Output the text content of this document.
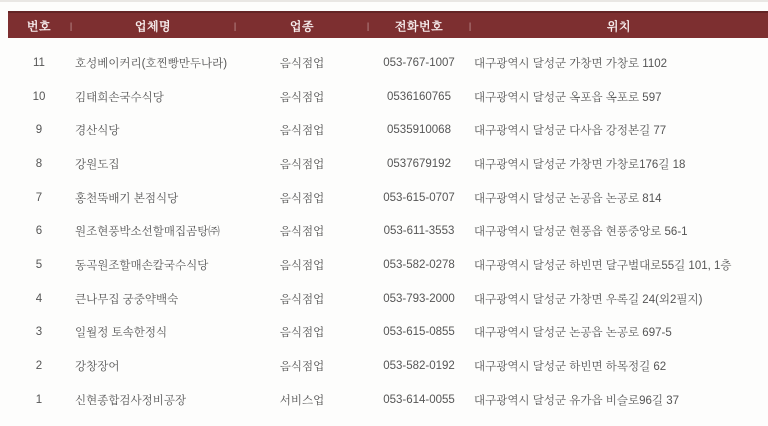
번호	|	업체명	|	업종	|	전화번호	|	위치
11	호성베이커리(호찐빵만두나라)	음식점업	053-767-1007	대구광역시 달성군 가창면 가창로 1102
10	김태희손국수식당	음식점업	0536160765	대구광역시 달성군 옥포읍 옥포로 597
9	경산식당	음식점업	0535910068	대구광역시 달성군 다사읍 강정본길 77
8	강원도집	음식점업	0537679192	대구광역시 달성군 가창면 가창로176길 18
7	홍천뚝배기 본점식당	음식점업	053-615-0707	대구광역시 달성군 논공읍 논공로 814
6	원조현풍박소선할매집곰탕㈜	음식점업	053-611-3553	대구광역시 달성군 현풍읍 현풍중앙로 56-1
5	동곡원조할매손칼국수식당	음식점업	053-582-0278	대구광역시 달성군 하빈면 달구벌대로55길 101, 1층
4	큰나무집 궁중약백숙	음식점업	053-793-2000	대구광역시 달성군 가창면 우록길 24(외2필지)
3	일월정 토속한정식	음식점업	053-615-0855	대구광역시 달성군 논공읍 논공로 697-5
2	강창장어	음식점업	053-582-0192	대구광역시 달성군 하빈면 하목정길 62
1	신현종합검사정비공장	서비스업	053-614-0055	대구광역시 달성군 유가읍 비슬로96길 37
